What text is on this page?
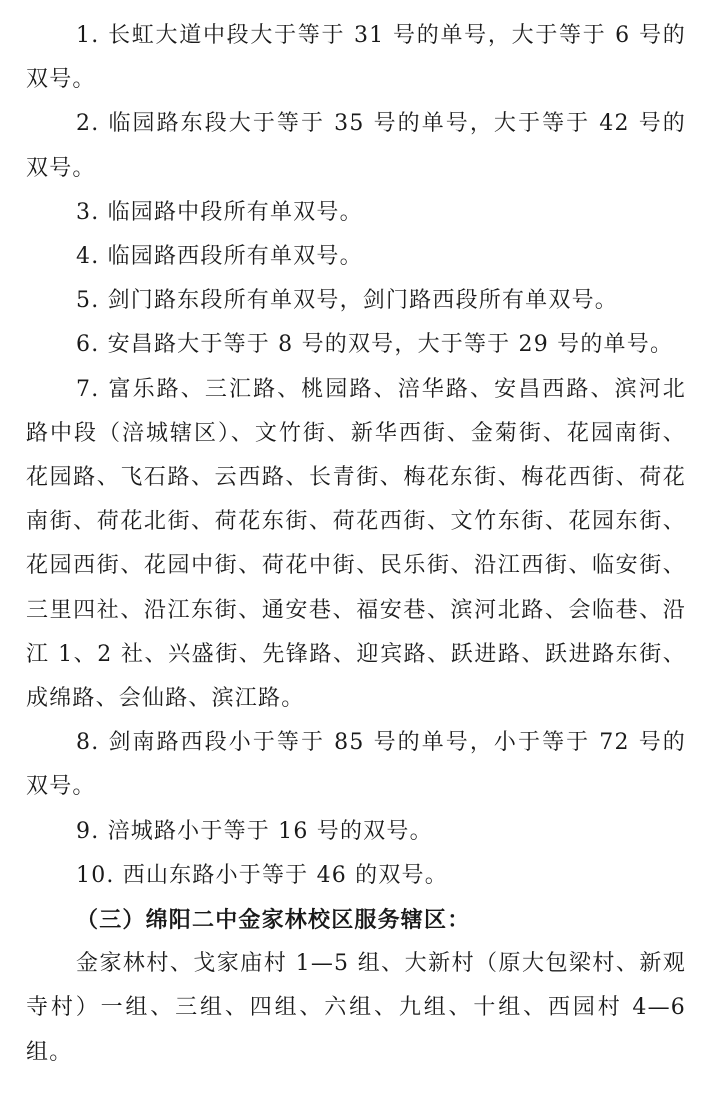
1. 长虹大道中段大于等于 31 号的单号，大于等于 6 号的双号。

2. 临园路东段大于等于 35 号的单号，大于等于 42 号的双号。

3. 临园路中段所有单双号。

4. 临园路西段所有单双号。

5. 剑门路东段所有单双号，剑门路西段所有单双号。

6. 安昌路大于等于 8 号的双号，大于等于 29 号的单号。

7. 富乐路、三汇路、桃园路、涪华路、安昌西路、滨河北路中段（涪城辖区）、文竹街、新华西街、金菊街、花园南街、花园路、飞石路、云西路、长青街、梅花东街、梅花西街、荷花南街、荷花北街、荷花东街、荷花西街、文竹东街、花园东街、花园西街、花园中街、荷花中街、民乐街、沿江西街、临安街、三里四社、沿江东街、通安巷、福安巷、滨河北路、会临巷、沿江 1、2 社、兴盛街、先锋路、迎宾路、跃进路、跃进路东街、成绵路、会仙路、滨江路。

8. 剑南路西段小于等于 85 号的单号，小于等于 72 号的双号。

9. 涪城路小于等于 16 号的双号。

10. 西山东路小于等于 46 的双号。

（三）绵阳二中金家林校区服务辖区：

金家林村、戈家庙村 1—5 组、大新村（原大包梁村、新观寺村）一组、三组、四组、六组、九组、十组、西园村 4—6 组。
